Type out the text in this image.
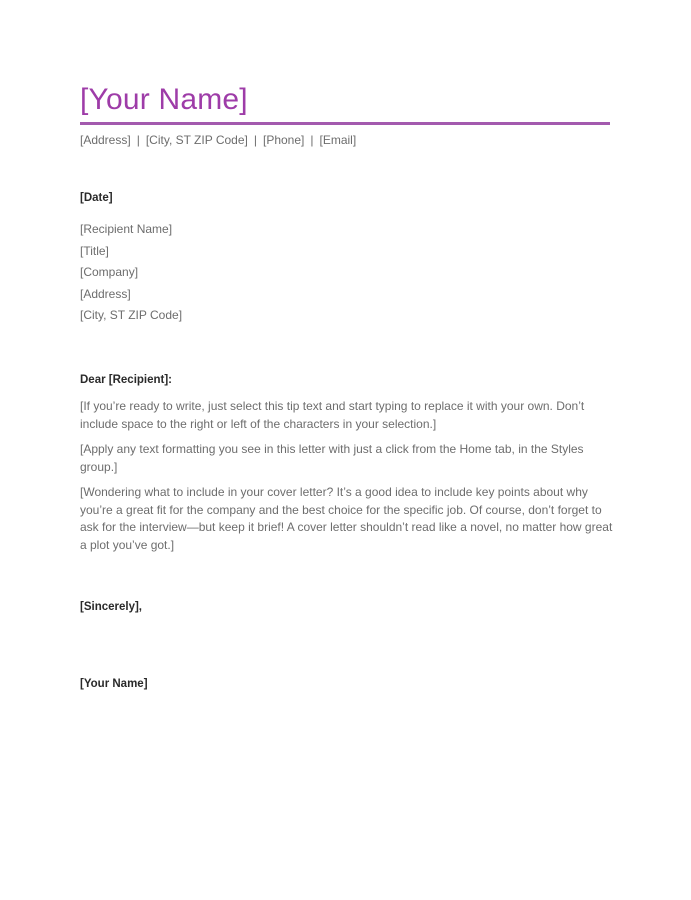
[Your Name]
[Address] | [City, ST ZIP Code] | [Phone] | [Email]
[Date]
[Recipient Name]
[Title]
[Company]
[Address]
[City, ST ZIP Code]
Dear [Recipient]:

[If you’re ready to write, just select this tip text and start typing to replace it with your own. Don’t include space to the right or left of the characters in your selection.]

[Apply any text formatting you see in this letter with just a click from the Home tab, in the Styles group.]

[Wondering what to include in your cover letter? It’s a good idea to include key points about why you’re a great fit for the company and the best choice for the specific job. Of course, don’t forget to ask for the interview—but keep it brief! A cover letter shouldn’t read like a novel, no matter how great a plot you’ve got.]

[Sincerely],
[Your Name]
